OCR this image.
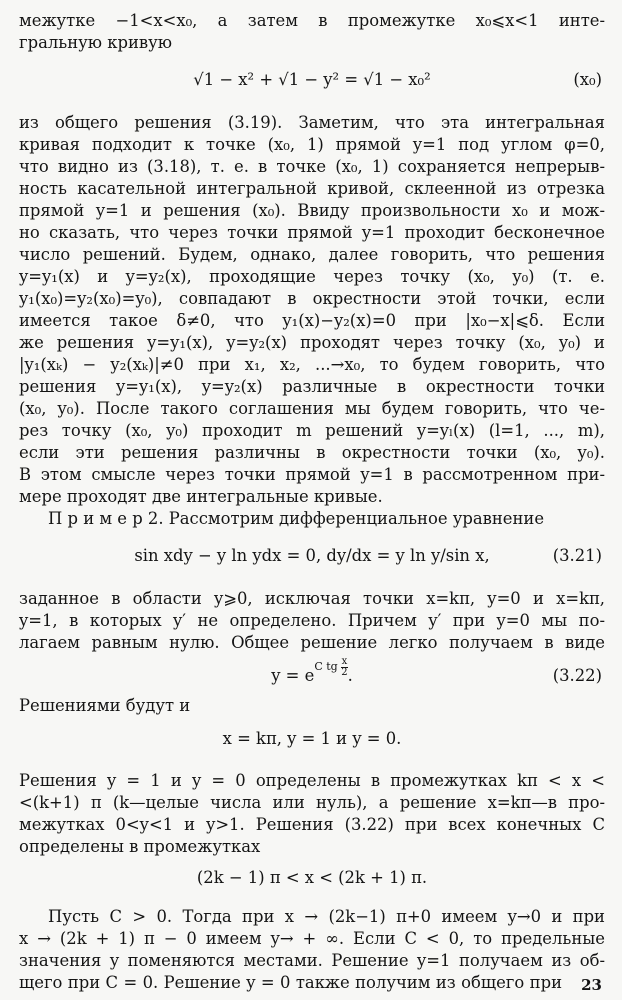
межутке −1<x<x₀, а затем в промежутке x₀⩽x<1 инте-
гральную кривую
√1 − x² + √1 − y² = √1 − x₀²	(x₀)
из общего решения (3.19). Заметим, что эта интегральная
кривая подходит к точке (x₀, 1) прямой y=1 под углом φ=0,
что видно из (3.18), т. е. в точке (x₀, 1) сохраняется непрерыв-
ность касательной интегральной кривой, склеенной из отрезка
прямой y=1 и решения (x₀). Ввиду произвольности x₀ и мож-
но сказать, что через точки прямой y=1 проходит бесконечное
число решений. Будем, однако, далее говорить, что решения
y=y₁(x) и y=y₂(x), проходящие через точку (x₀, y₀) (т. е.
y₁(x₀)=y₂(x₀)=y₀), совпадают в окрестности этой точки, если
имеется такое δ≠0, что y₁(x)−y₂(x)=0 при |x₀−x|⩽δ. Если
же решения y=y₁(x), y=y₂(x) проходят через точку (x₀, y₀) и
|y₁(xₖ) − y₂(xₖ)|≠0 при x₁, x₂, ...→x₀, то будем говорить, что
решения y=y₁(x), y=y₂(x) различные в окрестности точки
(x₀, y₀). После такого соглашения мы будем говорить, что че-
рез точку (x₀, y₀) проходит m решений y=yₗ(x) (l=1, ..., m),
если эти решения различны в окрестности точки (x₀, y₀).
В этом смысле через точки прямой y=1 в рассмотренном при-
мере проходят две интегральные кривые.
П р и м е р 2. Рассмотрим дифференциальное уравнение
sin xdy − y ln ydx = 0, dy/dx = y ln y/sin x,	(3.21)
заданное в области y⩾0, исключая точки x=kπ, y=0 и x=kπ,
y=1, в которых y′ не определено. Причем y′ при y=0 мы по-
лагаем равным нулю. Общее решение легко получаем в виде
$y = e^{C tg \frac{x}{2}}$ .	(3.22)
Решениями будут и
x = kπ, y = 1 и y = 0.
Решения y = 1 и y = 0 определены в промежутках kπ < x <
<(k+1) π (k—целые числа или нуль), а решение x=kπ—в про-
межутках 0<y<1 и y>1. Решения (3.22) при всех конечных C
определены в промежутках
(2k − 1) π < x < (2k + 1) π.
Пусть C > 0. Тогда при x → (2k−1) π+0 имеем y→0 и при
x → (2k + 1) π − 0 имеем y→ + ∞. Если C < 0, то предельные
значения y поменяются местами. Решение y=1 получаем из об-
щего при C = 0. Решение y = 0 также получим из общего при 23
